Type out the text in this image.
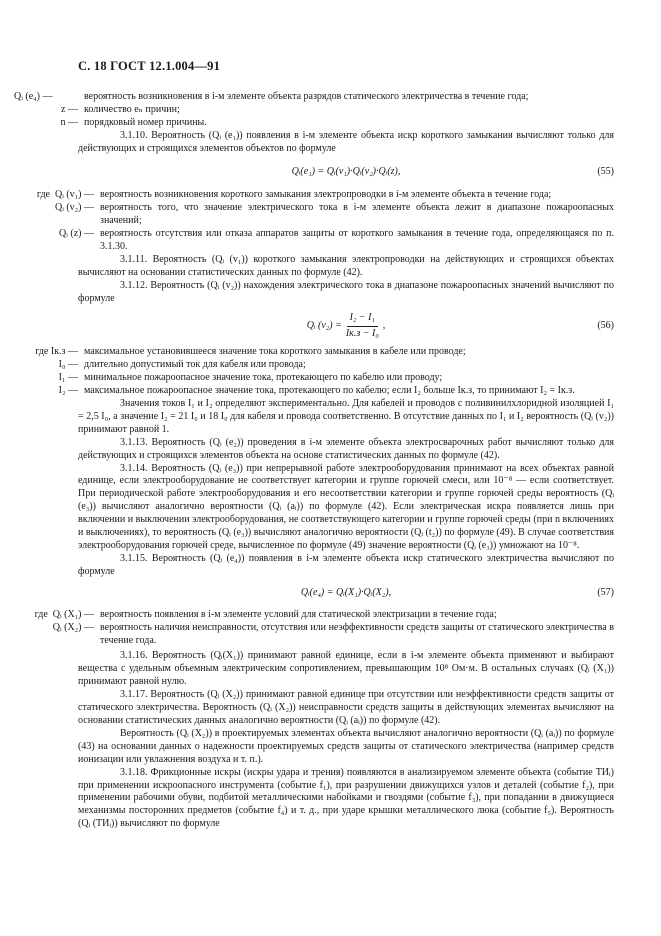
С. 18 ГОСТ 12.1.004—91
Qᵢ (e₄) —	вероятность возникновения в i-м элементе объекта разрядов статического электричества в течение года;
z — количество eₙ причин;
n — порядковый номер причины.

3.1.10. Вероятность (Qᵢ (e₁)) появления в i-м элементе объекта искр короткого замыкания вычисляют только для действующих и строящихся элементов объектов по формуле

Qᵢ(e₁) = Qᵢ(v₁)·Qᵢ(v₂)·Qᵢ(z),	(55)
где Qᵢ (v₁) — вероятность возникновения короткого замыкания электропроводки в i-м элементе объекта в течение года;
Qᵢ (v₂) — вероятность того, что значение электрического тока в i-м элементе объекта лежит в диапазоне пожароопасных значений;
Qᵢ (z) — вероятность отсутствия или отказа аппаратов защиты от короткого замыкания в течение года, определяющаяся по п. 3.1.30.

3.1.11. Вероятность (Qᵢ (v₁)) короткого замыкания электропроводки на действующих и строящихся объектах вычисляют на основании статистических данных по формуле (42).

3.1.12. Вероятность (Qᵢ (v₂)) нахождения электрического тока в диапазоне пожароопасных значений вычисляют по формуле

Qᵢ $(v_2) = \frac{\text{I₂ − I₁}}{\text{Iк.з − I₀}}$ ,	(56)
где Iк.з — максимальное установившееся значение тока короткого замыкания в кабеле или проводе;
I₀ — длительно допустимый ток для кабеля или провода;
I₁ — минимальное пожароопасное значение тока, протекающего по кабелю или проводу;
I₂ — максимальное пожароопасное значение тока, протекающего по кабелю; если I₂ больше Iк.з, то принимают I₂ = Iк.з.

Значения токов I₁ и I₂ определяют экспериментально. Для кабелей и проводов с поливинилхлоридной изоляцией I₁ = 2,5 I₀, а значение I₂ = 21 I₀ и 18 I₀ для кабеля и провода соответственно. В отсутствие данных по I₁ и I₂ вероятность (Qᵢ (v₂)) принимают равной 1.

3.1.13. Вероятность (Qᵢ (e₂)) проведения в i-м элементе объекта электросварочных работ вычисляют только для действующих и строящихся элементов объекта на основе статистических данных по формуле (42).

3.1.14. Вероятность (Qᵢ (e₃)) при непрерывной работе электрооборудования принимают на всех объектах равной единице, если электрооборудование не соответствует категории и группе горючей смеси, или 10⁻⁸ — если соответствует. При периодической работе электрооборудования и его несоответствии категории и группе горючей среды вероятность (Qᵢ (e₃)) вычисляют аналогично вероятности (Qᵢ (aᵢ)) по формуле (42). Если электрическая искра появляется лишь при включении и выключении электрооборудования, не соответствующего категории и группе горючей среды (при n включениях и выключениях), то вероятность (Qᵢ (e₃)) вычисляют аналогично вероятности (Qᵢ (t₂)) по формуле (49). В случае соответствия электрооборудования горючей среде, вычисленное по формуле (49) значение вероятности (Qᵢ (e₃)) умножают на 10⁻⁸.

3.1.15. Вероятность (Qᵢ (e₄)) появления в i-м элементе объекта искр статического электричества вычисляют по формуле

Qᵢ(e₄) = Qᵢ(X₁)·Qᵢ(X₂),	(57)
где Qᵢ (X₁) — вероятность появления в i-м элементе условий для статической электризации в течение года;
Qᵢ (X₂) — вероятность наличия неисправности, отсутствия или неэффективности средств защиты от статического электричества в течение года.

3.1.16. Вероятность (Qᵢ(X₁)) принимают равной единице, если в i-м элементе объекта применяют и выбирают вещества с удельным объемным электрическим сопротивлением, превышающим 10⁸ Ом·м. В остальных случаях (Qᵢ (X₁)) принимают равной нулю.

3.1.17. Вероятность (Qᵢ (X₂)) принимают равной единице при отсутствии или неэффективности средств защиты от статического электричества. Вероятность (Qᵢ (X₂)) неисправности средств защиты в действующих элементах вычисляют на основании статистических данных аналогично вероятности (Qᵢ (aᵢ)) по формуле (42).

Вероятность (Qᵢ (X₂)) в проектируемых элементах объекта вычисляют аналогично вероятности (Qᵢ (aᵢ)) по формуле (43) на основании данных о надежности проектируемых средств защиты от статического электричества (например средств ионизации или увлажнения воздуха и т. п.).

3.1.18. Фрикционные искры (искры удара и трения) появляются в анализируемом элементе объекта (событие ТИᵢ) при применении искроопасного инструмента (событие f₁), при разрушении движущихся узлов и деталей (событие f₂), при применении рабочими обуви, подбитой металлическими набойками и гвоздями (событие f₃), при попадании в движущиеся механизмы посторонних предметов (событие f₄) и т. д., при ударе крышки металлического люка (событие f₅). Вероятность (Qᵢ (ТИᵢ)) вычисляют по формуле
